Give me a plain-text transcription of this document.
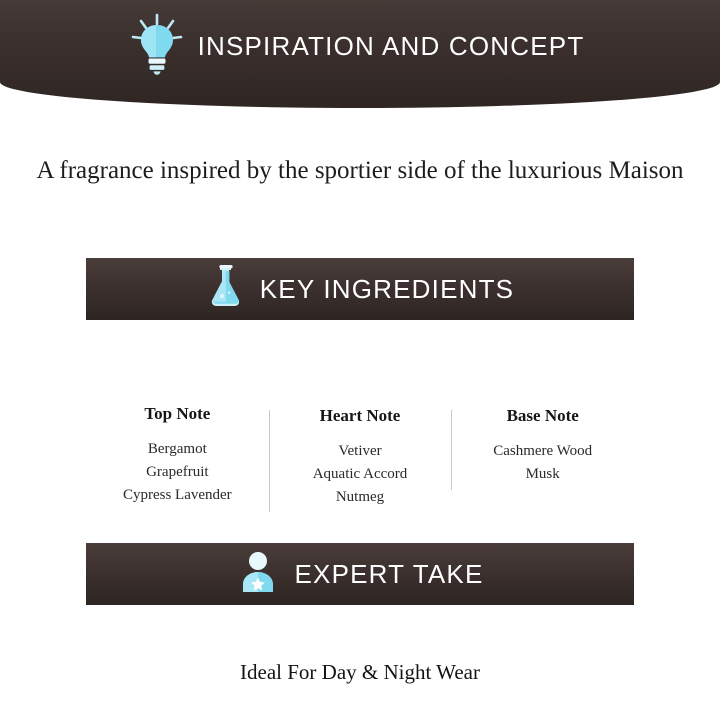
INSPIRATION AND CONCEPT
A fragrance inspired by the sportier side of the luxurious Maison
KEY INGREDIENTS
Top Note
Bergamot
Grapefruit
Cypress Lavender
Heart Note
Vetiver
Aquatic Accord
Nutmeg
Base Note
Cashmere Wood
Musk
EXPERT TAKE
Ideal For Day & Night Wear
